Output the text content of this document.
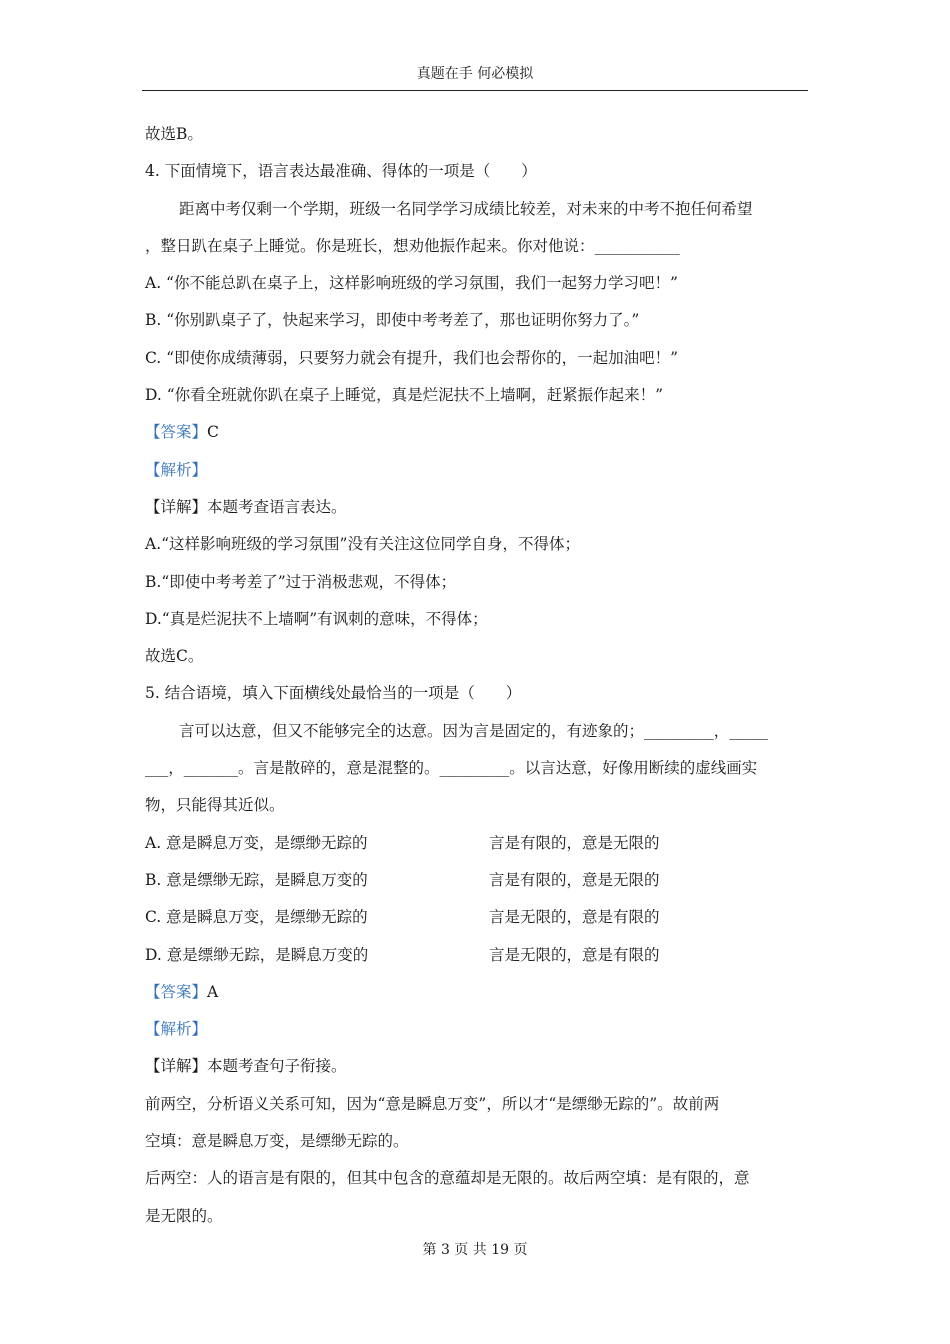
真题在手 何必模拟
故选B。
4. 下面情境下，语言表达最准确、得体的一项是（　　）
距离中考仅剩一个学期，班级一名同学学习成绩比较差，对未来的中考不抱任何希望
，整日趴在桌子上睡觉。你是班长，想劝他振作起来。你对他说：___________
A. “你不能总趴在桌子上，这样影响班级的学习氛围，我们一起努力学习吧！”
B. “你别趴桌子了，快起来学习，即使中考考差了，那也证明你努力了。”
C. “即使你成绩薄弱，只要努力就会有提升，我们也会帮你的，一起加油吧！”
D. “你看全班就你趴在桌子上睡觉，真是烂泥扶不上墙啊，赶紧振作起来！”
【答案】C
【解析】
【详解】本题考查语言表达。
A.“这样影响班级的学习氛围”没有关注这位同学自身，不得体；
B.“即使中考考差了”过于消极悲观，不得体；
D.“真是烂泥扶不上墙啊”有讽刺的意味，不得体；
故选C。
5. 结合语境，填入下面横线处最恰当的一项是（　　）
言可以达意，但又不能够完全的达意。因为言是固定的，有迹象的；_________，_____
___，_______。言是散碎的，意是混整的。_________。以言达意，好像用断续的虚线画实
物，只能得其近似。
A. 意是瞬息万变，是缥缈无踪的	言是有限的，意是无限的
B. 意是缥缈无踪，是瞬息万变的	言是有限的，意是无限的
C. 意是瞬息万变，是缥缈无踪的	言是无限的，意是有限的
D. 意是缥缈无踪，是瞬息万变的	言是无限的，意是有限的
【答案】A
【解析】
【详解】本题考查句子衔接。
前两空，分析语义关系可知，因为“意是瞬息万变”，所以才“是缥缈无踪的”。故前两
空填：意是瞬息万变，是缥缈无踪的。
后两空：人的语言是有限的，但其中包含的意蕴却是无限的。故后两空填：是有限的，意
是无限的。
第 3 页 共 19 页
